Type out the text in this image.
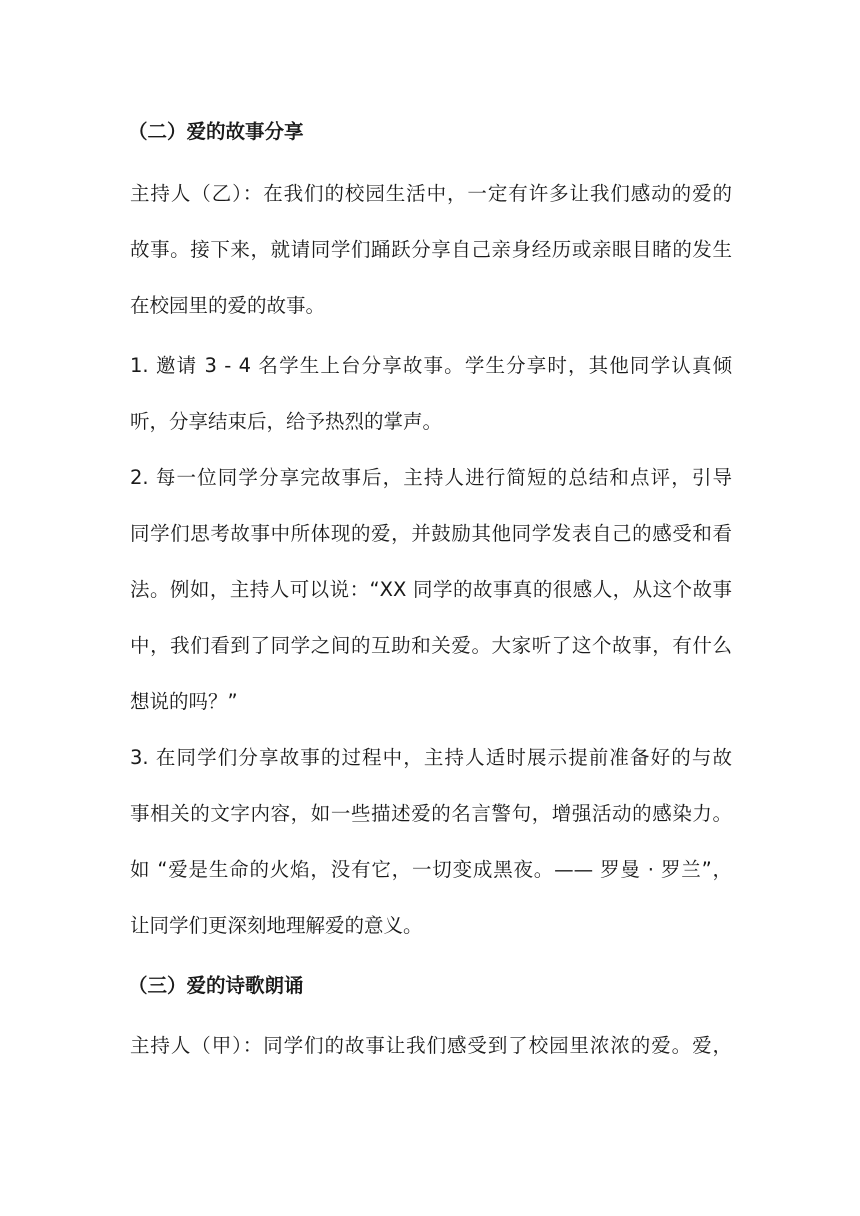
（二）爱的故事分享
主持人（乙）：在我们的校园生活中，一定有许多让我们感动的爱的
故事。接下来，就请同学们踊跃分享自己亲身经历或亲眼目睹的发生
在校园里的爱的故事。
1. 邀请 3 - 4 名学生上台分享故事。学生分享时，其他同学认真倾
听，分享结束后，给予热烈的掌声。
2. 每一位同学分享完故事后，主持人进行简短的总结和点评，引导
同学们思考故事中所体现的爱，并鼓励其他同学发表自己的感受和看
法。例如，主持人可以说：“XX 同学的故事真的很感人，从这个故事
中，我们看到了同学之间的互助和关爱。大家听了这个故事，有什么
想说的吗？”
3. 在同学们分享故事的过程中，主持人适时展示提前准备好的与故
事相关的文字内容，如一些描述爱的名言警句，增强活动的感染力。
如 “爱是生命的火焰，没有它，一切变成黑夜。—— 罗曼 · 罗兰”，
让同学们更深刻地理解爱的意义。
（三）爱的诗歌朗诵
主持人（甲）：同学们的故事让我们感受到了校园里浓浓的爱。爱，
